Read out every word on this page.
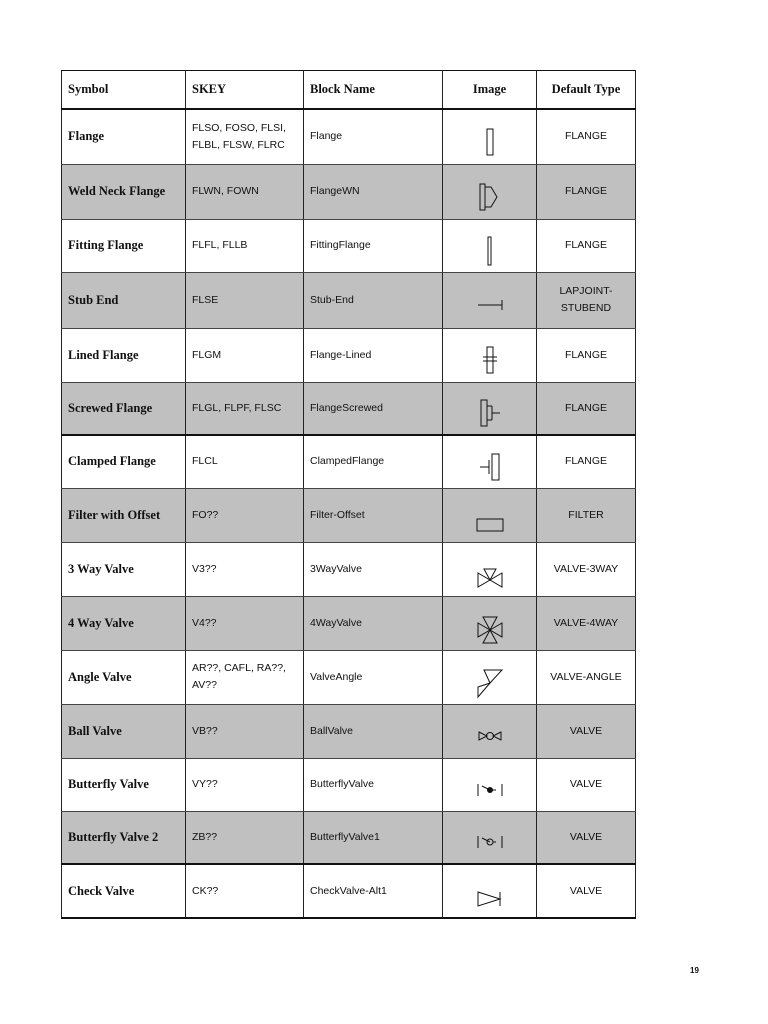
Symbol	SKEY	Block Name	Image	Default Type
Flange	FLSO, FOSO, FLSI, FLBL, FLSW, FLRC	Flange		FLANGE
Weld Neck Flange	FLWN, FOWN	FlangeWN		FLANGE
Fitting Flange	FLFL, FLLB	FittingFlange		FLANGE
Stub End	FLSE	Stub-End		LAPJOINT-STUBEND
Lined Flange	FLGM	Flange-Lined		FLANGE
Screwed Flange	FLGL, FLPF, FLSC	FlangeScrewed		FLANGE
Clamped Flange	FLCL	ClampedFlange		FLANGE
Filter with Offset	FO??	Filter-Offset		FILTER
3 Way Valve	V3??	3WayValve		VALVE-3WAY
4 Way Valve	V4??	4WayValve		VALVE-4WAY
Angle Valve	AR??, CAFL, RA??, AV??	ValveAngle		VALVE-ANGLE
Ball Valve	VB??	BallValve		VALVE
Butterfly Valve	VY??	ButterflyValve		VALVE
Butterfly Valve 2	ZB??	ButterflyValve1		VALVE
Check Valve	CK??	CheckValve-Alt1		VALVE
19
